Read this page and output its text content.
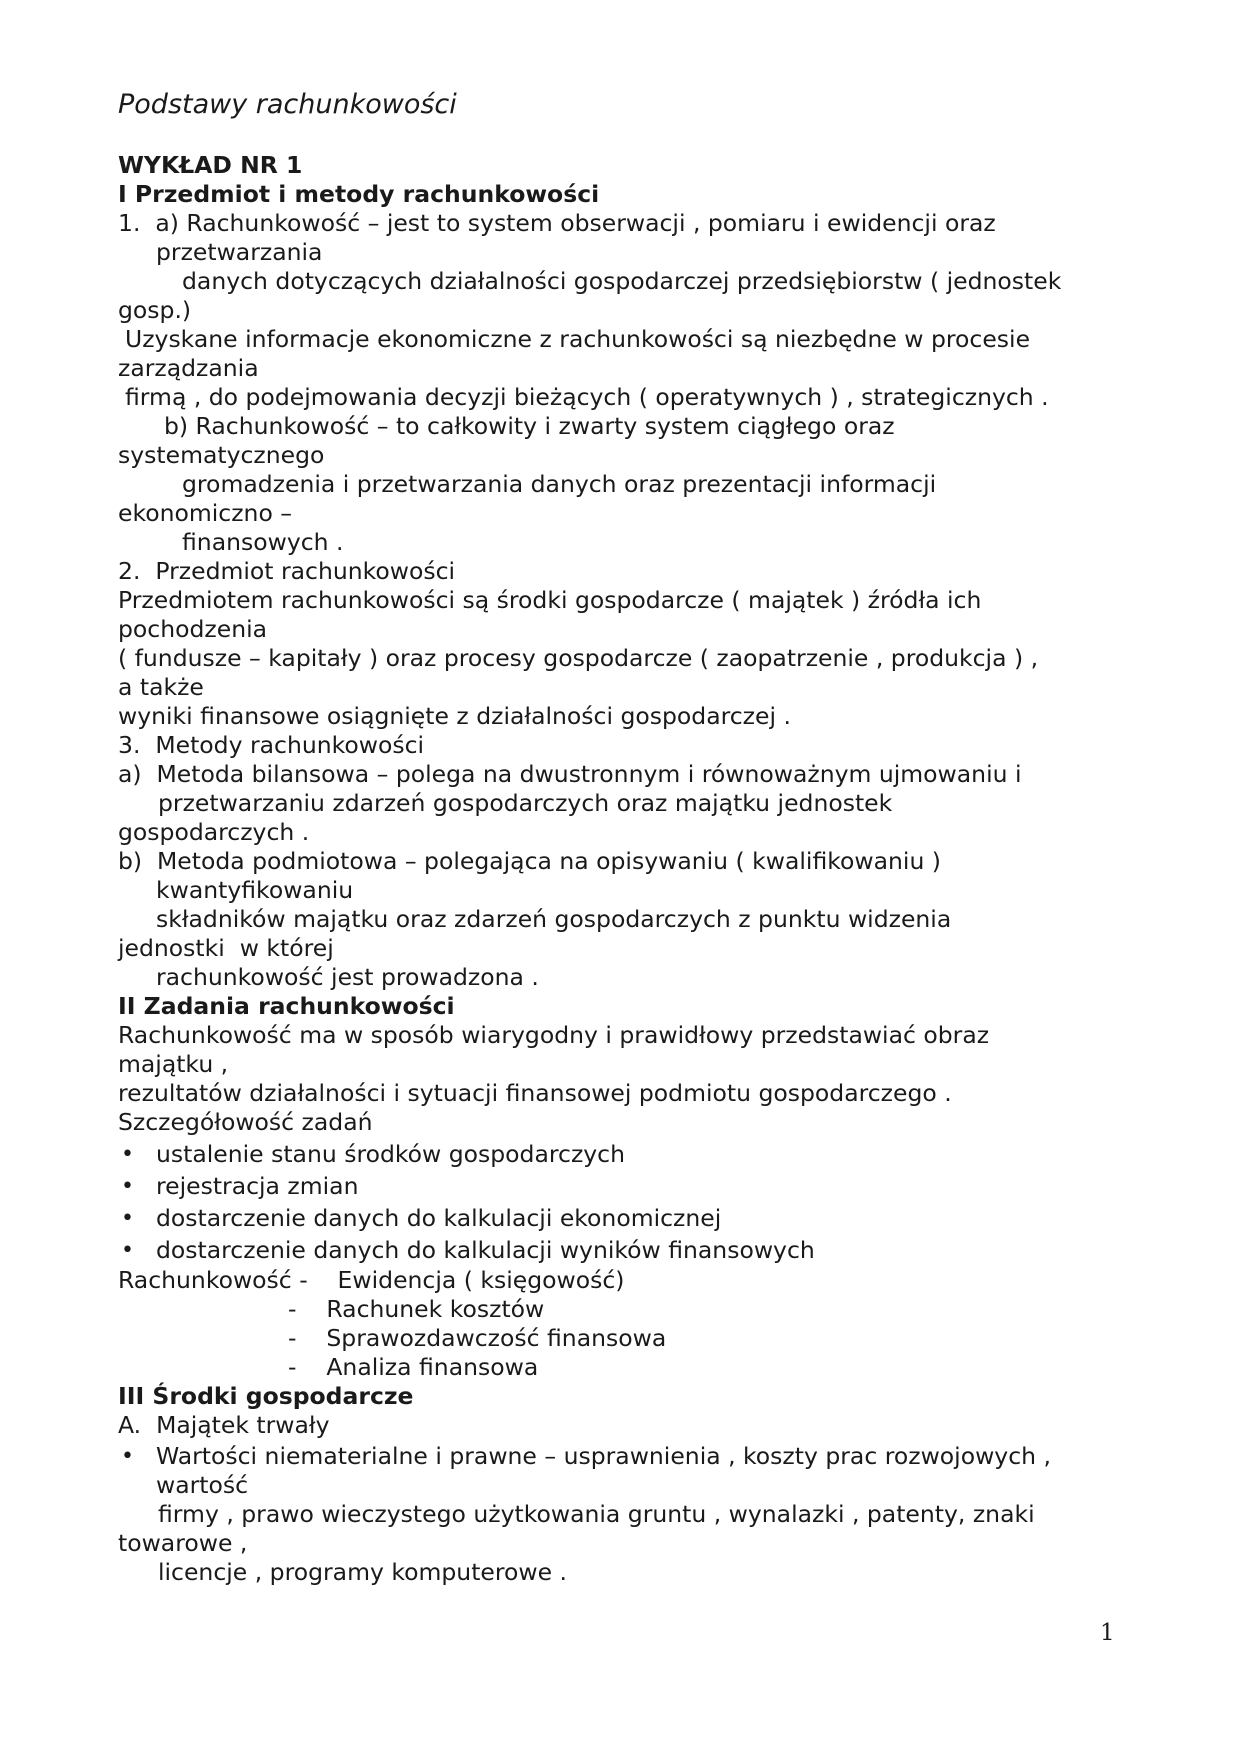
Podstawy rachunkowości
WYKŁAD NR 1
I Przedmiot i metody rachunkowości
1.  a) Rachunkowość – jest to system obserwacji , pomiaru i ewidencji oraz
przetwarzania
danych dotyczących działalności gospodarczej przedsiębiorstw ( jednostek
gosp.)
Uzyskane informacje ekonomiczne z rachunkowości są niezbędne w procesie
zarządzania
firmą , do podejmowania decyzji bieżących ( operatywnych ) , strategicznych .
b) Rachunkowość – to całkowity i zwarty system ciągłego oraz
systematycznego
gromadzenia i przetwarzania danych oraz prezentacji informacji
ekonomiczno –
finansowych .
2.  Przedmiot rachunkowości
Przedmiotem rachunkowości są środki gospodarcze ( majątek ) źródła ich
pochodzenia
( fundusze – kapitały ) oraz procesy gospodarcze ( zaopatrzenie , produkcja ) ,
a także
wyniki finansowe osiągnięte z działalności gospodarczej .
3.  Metody rachunkowości
a)  Metoda bilansowa – polega na dwustronnym i równoważnym ujmowaniu i
przetwarzaniu zdarzeń gospodarczych oraz majątku jednostek
gospodarczych .
b)  Metoda podmiotowa – polegająca na opisywaniu ( kwalifikowaniu )
kwantyfikowaniu
składników majątku oraz zdarzeń gospodarczych z punktu widzenia
jednostki  w której
rachunkowość jest prowadzona .
II Zadania rachunkowości
Rachunkowość ma w sposób wiarygodny i prawidłowy przedstawiać obraz
majątku ,
rezultatów działalności i sytuacji finansowej podmiotu gospodarczego .
Szczegółowość zadań
• ustalenie stanu środków gospodarczych
• rejestracja zmian
• dostarczenie danych do kalkulacji ekonomicznej
• dostarczenie danych do kalkulacji wyników finansowych
Rachunkowość -    Ewidencja ( księgowość)
-    Rachunek kosztów
-    Sprawozdawczość finansowa
-    Analiza finansowa
III Środki gospodarcze
A.  Majątek trwały
• Wartości niematerialne i prawne – usprawnienia , koszty prac rozwojowych ,
wartość
firmy , prawo wieczystego użytkowania gruntu , wynalazki , patenty, znaki
towarowe ,
licencje , programy komputerowe .
1
